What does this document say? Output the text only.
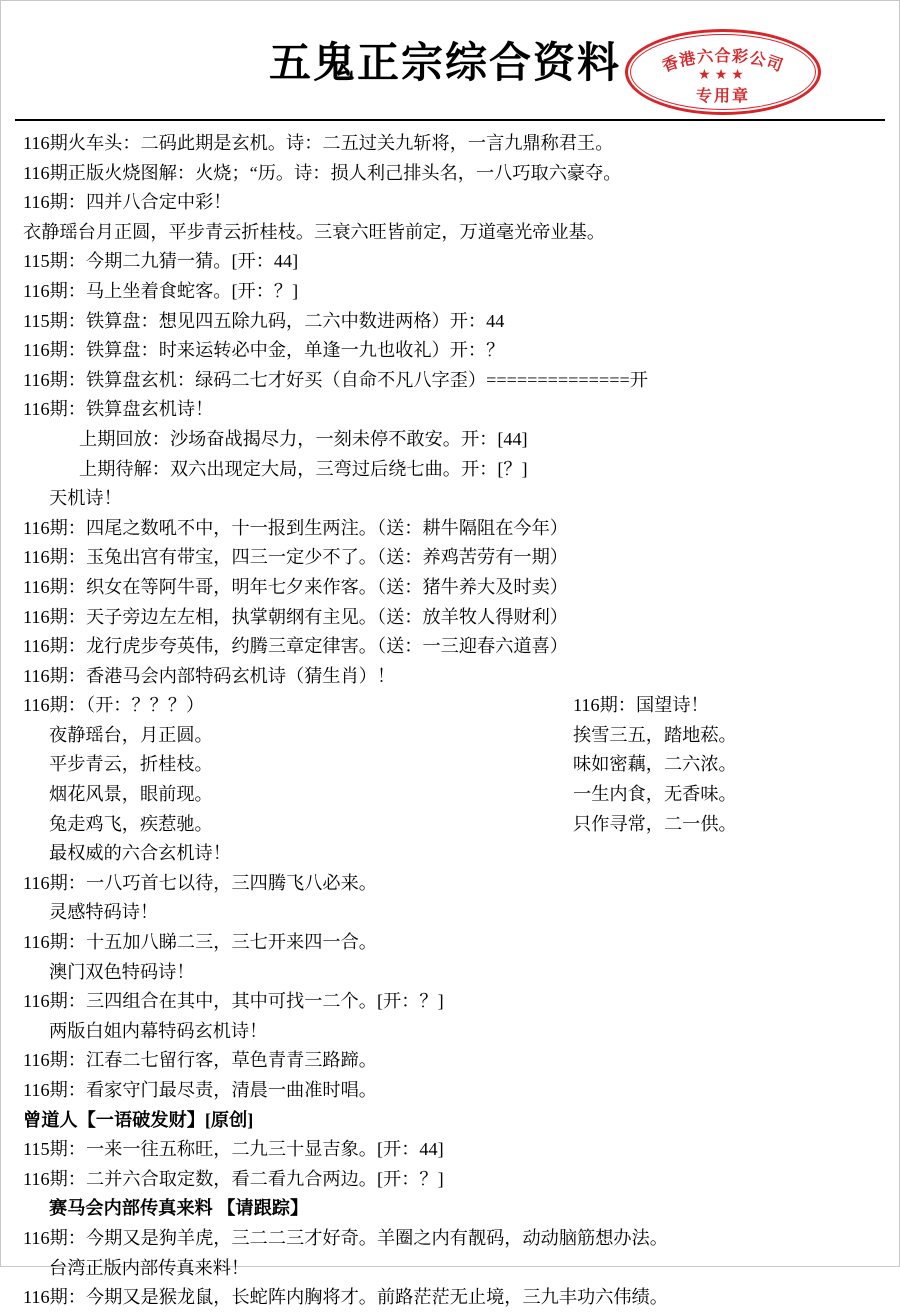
五鬼正宗综合资料 香港六合彩公司
★★★
专用章
116期火车头：二码此期是玄机。诗：二五过关九斩将，一言九鼎称君王。
116期正版火烧图解：火烧；“历。诗：损人利己排头名，一八巧取六豪夺。
116期：四并八合定中彩！
衣静瑶台月正圆，平步青云折桂枝。三衰六旺皆前定，万道毫光帝业基。
115期：今期二九猜一猜。[开：44]
116期：马上坐着食蛇客。[开：？]
115期：铁算盘：想见四五除九码，二六中数进两格）开：44
116期：铁算盘：时来运转必中金，单逢一九也收礼）开：？
116期：铁算盘玄机：绿码二七才好买（自命不凡八字歪）==============开
116期：铁算盘玄机诗！
上期回放：沙场奋战揭尽力，一刻未停不敢安。开：[44]
上期待解：双六出现定大局，三弯过后绕七曲。开：[？]
天机诗！
116期：四尾之数吼不中，十一报到生两注。（送：耕牛隔阻在今年）
116期：玉兔出宫有带宝，四三一定少不了。（送：养鸡苦劳有一期）
116期：织女在等阿牛哥，明年七夕来作客。（送：猪牛养大及时卖）
116期：天子旁边左左相，执掌朝纲有主见。（送：放羊牧人得财利）
116期：龙行虎步夸英伟，约腾三章定律害。（送：一三迎春六道喜）
116期：香港马会内部特码玄机诗（猜生肖）！
116期：（开：？？？）
夜静瑶台，月正圆。
平步青云，折桂枝。
烟花风景，眼前现。
兔走鸡飞，疾惹驰。
116期：国望诗！
挨雪三五，踏地菘。
味如密藕，二六浓。
一生内食，无香味。
只作寻常，二一供。
最权威的六合玄机诗！
116期：一八巧首七以待，三四腾飞八必来。
灵感特码诗！
116期：十五加八睇二三，三七开来四一合。
澳门双色特码诗！
116期：三四组合在其中，其中可找一二个。[开：？]
两版白姐内幕特码玄机诗！
116期：江春二七留行客，草色青青三路蹄。
116期：看家守门最尽责，清晨一曲准时唱。
曾道人【一语破发财】[原创]
115期：一来一往五称旺，二九三十显吉象。[开：44]
116期：二并六合取定数，看二看九合两边。[开：？]
赛马会内部传真来料 【请跟踪】
116期：今期又是狗羊虎，三二二三才好奇。羊圈之内有靓码，动动脑筋想办法。
台湾正版内部传真来料！
116期：今期又是猴龙鼠，长蛇阵内胸将才。前路茫茫无止境，三九丰功六伟绩。
